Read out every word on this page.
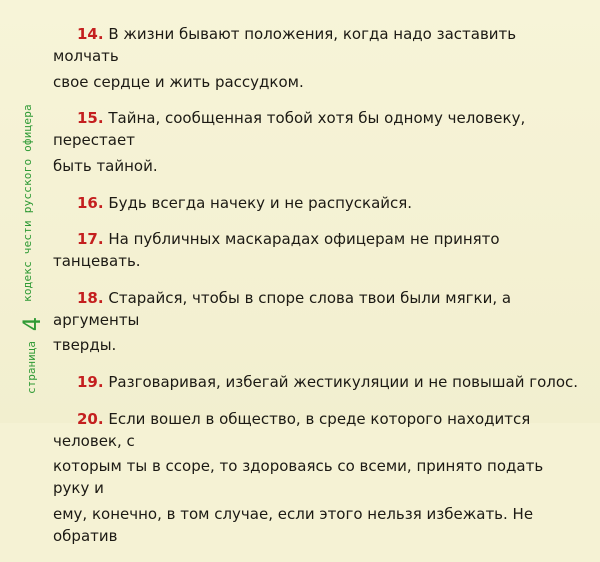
кодекс чести русского офицера
страница 4
14. В жизни бывают положения, когда надо заставить молчать
свое сердце и жить рассудком.
15. Тайна, сообщенная тобой хотя бы одному человеку, перестает
быть тайной.
16. Будь всегда начеку и не распускайся.
17. На публичных маскарадах офицерам не принято танцевать.
18. Старайся, чтобы в споре слова твои были мягки, а аргументы
тверды.
19. Разговаривая, избегай жестикуляции и не повышай голос.
20. Если вошел в общество, в среде которого находится человек, с
которым ты в ссоре, то здороваясь со всеми, принято подать руку и
ему, конечно, в том случае, если этого нельзя избежать. Не обратив
